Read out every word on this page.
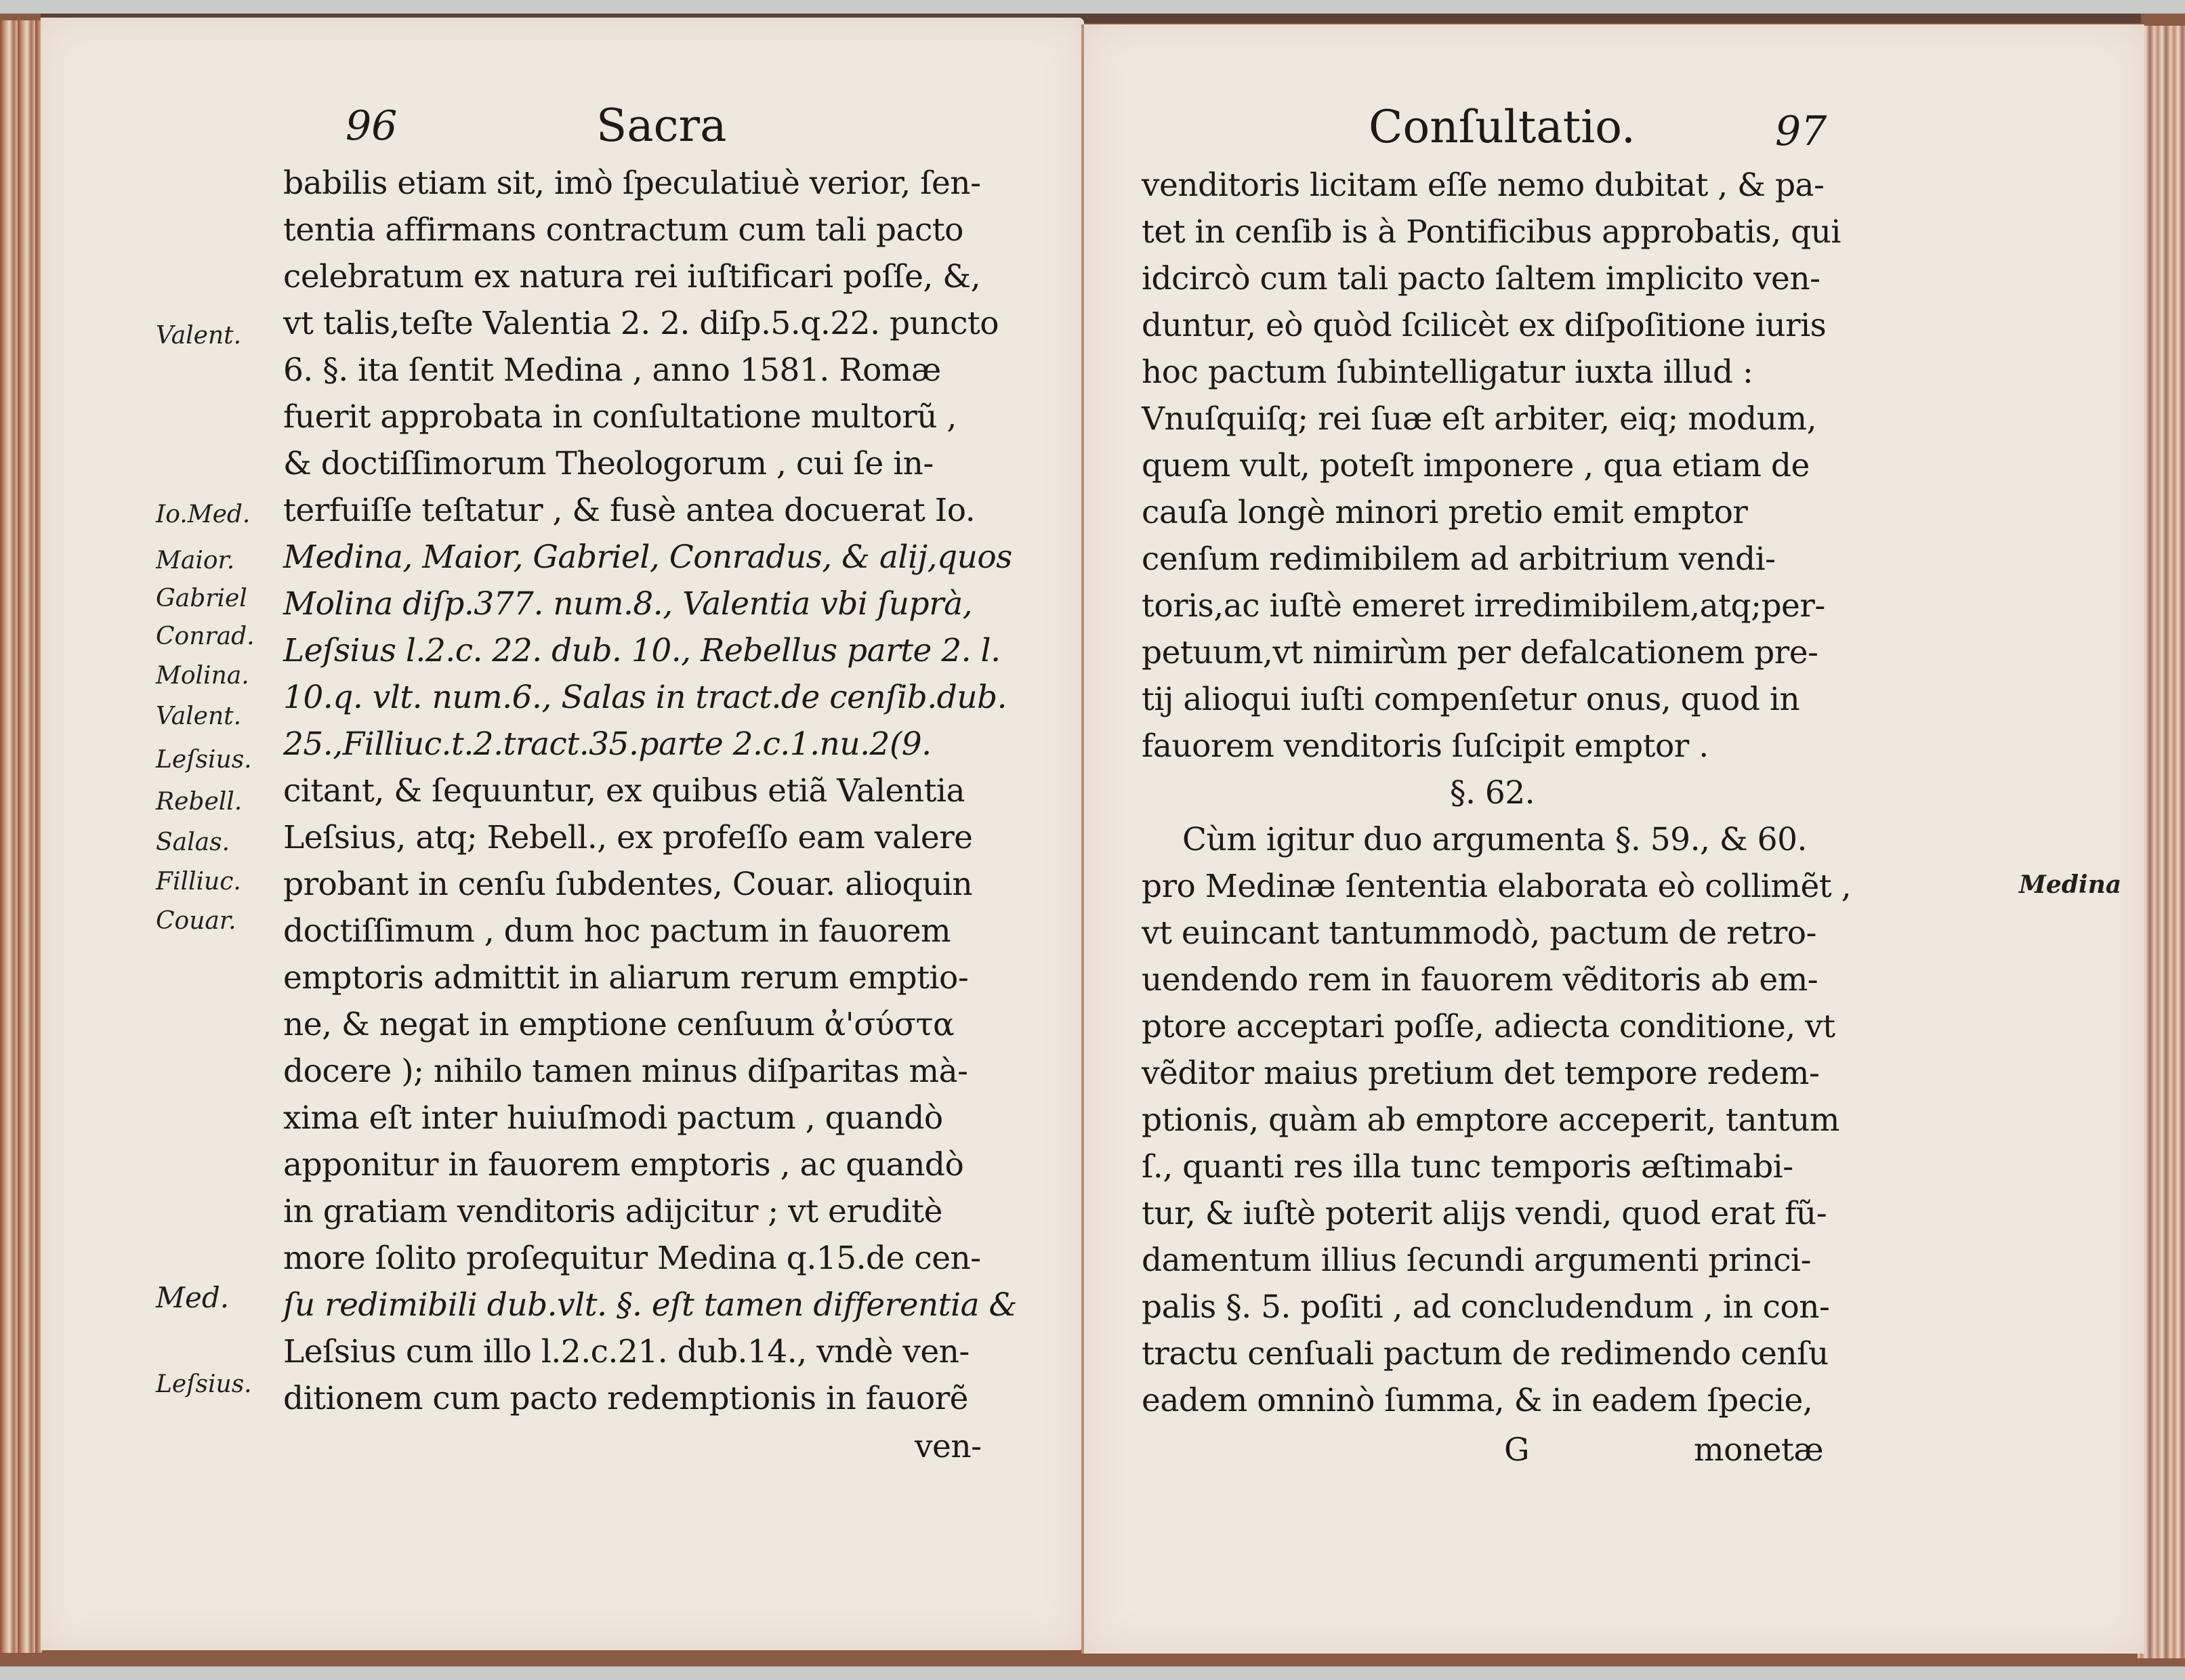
96	Sacra
babilis etiam sit, imò ſpeculatiuè verior, ſen-
tentia affirmans contractum cum tali pacto
celebratum ex natura rei iuſtificari poſſe, &,
vt talis,teſte Valentia 2. 2. diſp.5.q.22. puncto
6. §. ita ſentit Medina , anno 1581. Romæ
fuerit approbata in conſultatione multorũ ,
& doctiſſimorum Theologorum , cui ſe in-
terfuiſſe teſtatur , & fusè antea docuerat Io.
Medina, Maior, Gabriel, Conradus, & alij,quos
Molina diſp.377. num.8., Valentia vbi ſuprà,
Leſsius l.2.c. 22. dub. 10., Rebellus parte 2. l.
10.q. vlt. num.6., Salas in tract.de cenſib.dub.
25.,Filliuc.t.2.tract.35.parte 2.c.1.nu.2(9.
citant, & ſequuntur, ex quibus etiã Valentia
Leſsius, atq; Rebell., ex profeſſo eam valere
probant in cenſu ſubdentes, Couar. alioquin
doctiſſimum , dum hoc pactum in fauorem
emptoris admittit in aliarum rerum emptio-
ne, & negat in emptione cenſuum ἀ'σύστα
docere ); nihilo tamen minus diſparitas mà-
xima eſt inter huiuſmodi pactum , quandò
apponitur in fauorem emptoris , ac quandò
in gratiam venditoris adijcitur ; vt eruditè
more ſolito proſequitur Medina q.15.de cen-
ſu redimibili dub.vlt. §. eſt tamen differentia &
Leſsius cum illo l.2.c.21. dub.14., vndè ven-
ditionem cum pacto redemptionis in fauorẽ
ven-
Valent.
Io.Med.
Maior.
Gabriel
Conrad.
Molina.
Valent.
Leſsius.
Rebell.
Salas.
Filliuc.
Couar.
Med.
Leſsius.
Conſultatio.	97
venditoris licitam eſſe nemo dubitat , & pa-
tet in cenſib is à Pontificibus approbatis, qui
idcircò cum tali pacto ſaltem implicito ven-
duntur, eò quòd ſcilicèt ex diſpoſitione iuris
hoc pactum ſubintelligatur iuxta illud :
Vnuſquiſq; rei ſuæ eſt arbiter, eiq; modum,
quem vult, poteſt imponere , qua etiam de
cauſa longè minori pretio emit emptor
cenſum redimibilem ad arbitrium vendi-
toris,ac iuſtè emeret irredimibilem,atq;per-
petuum,vt nimirùm per defalcationem pre-
tij alioqui iuſti compenſetur onus, quod in
fauorem venditoris ſuſcipit emptor .
§. 62.
Cùm igitur duo argumenta §. 59., & 60.
pro Medinæ ſententia elaborata eò collimẽt ,
vt euincant tantummodò, pactum de retro-
uendendo rem in fauorem vẽditoris ab em-
ptore acceptari poſſe, adiecta conditione, vt
vẽditor maius pretium det tempore redem-
ptionis, quàm ab emptore acceperit, tantum
ſ., quanti res illa tunc temporis æſtimabi-
tur, & iuſtè poterit alijs vendi, quod erat fũ-
damentum illius ſecundi argumenti princi-
palis §. 5. poſiti , ad concludendum , in con-
tractu cenſuali pactum de redimendo cenſu
eadem omninò ſumma, & in eadem ſpecie,
G	monetæ
Medina
